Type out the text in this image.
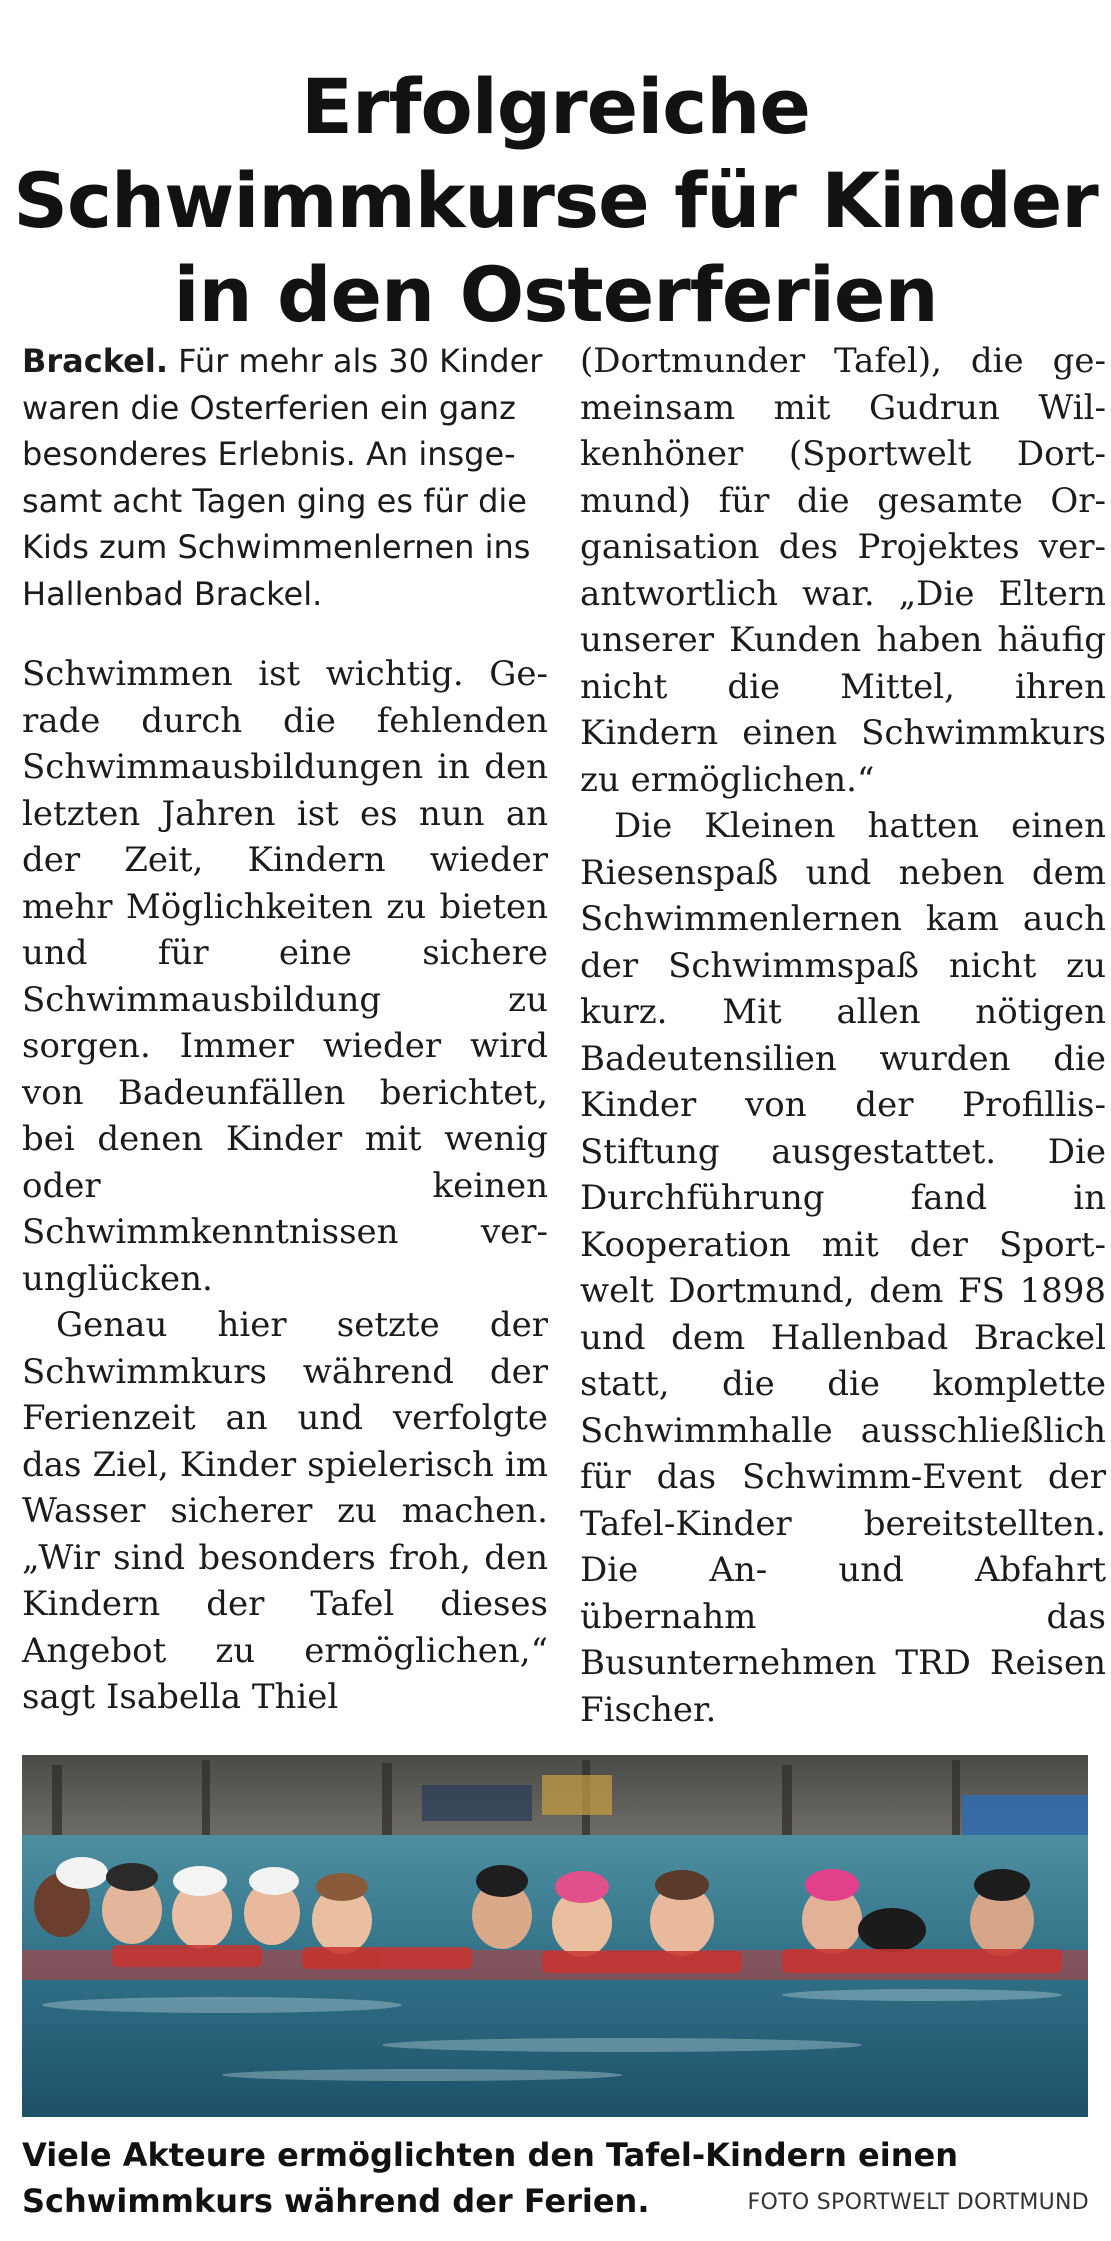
Erfolgreiche Schwimmkurse für Kinder in den Osterferien

Brackel. Für mehr als 30 Kinder waren die Osterferien ein ganz besonderes Erlebnis. An insgesamt acht Tagen ging es für die Kids zum Schwimmenlernen ins Hallenbad Brackel.

Schwimmen ist wichtig. Gerade durch die fehlenden Schwimmausbildungen in den letzten Jahren ist es nun an der Zeit, Kindern wieder mehr Möglichkeiten zu bieten und für eine sichere Schwimmausbildung zu sorgen. Immer wieder wird von Badeunfällen berichtet, bei denen Kinder mit wenig oder keinen Schwimmkenntnissen verunglücken.

Genau hier setzte der Schwimmkurs während der Ferienzeit an und verfolgte das Ziel, Kinder spielerisch im Wasser sicherer zu machen. „Wir sind besonders froh, den Kindern der Tafel dieses Angebot zu ermöglichen,“ sagt Isabella Thiel

(Dortmunder Tafel), die gemeinsam mit Gudrun Wilkenhöner (Sportwelt Dortmund) für die gesamte Organisation des Projektes verantwortlich war. „Die Eltern unserer Kunden haben häufig nicht die Mittel, ihren Kindern einen Schwimmkurs zu ermöglichen.“

Die Kleinen hatten einen Riesenspaß und neben dem Schwimmenlernen kam auch der Schwimmspaß nicht zu kurz. Mit allen nötigen Badeutensilien wurden die Kinder von der Profillis-Stiftung ausgestattet. Die Durchführung fand in Kooperation mit der Sportwelt Dortmund, dem FS 1898 und dem Hallenbad Brackel statt, die die komplette Schwimmhalle ausschließlich für das Schwimm-Event der Tafel-Kinder bereitstellten. Die An- und Abfahrt übernahm das Busunternehmen TRD Reisen Fischer.

Viele Akteure ermöglichten den Tafel-Kindern einen Schwimmkurs während der Ferien.	FOTO SPORTWELT DORTMUND
